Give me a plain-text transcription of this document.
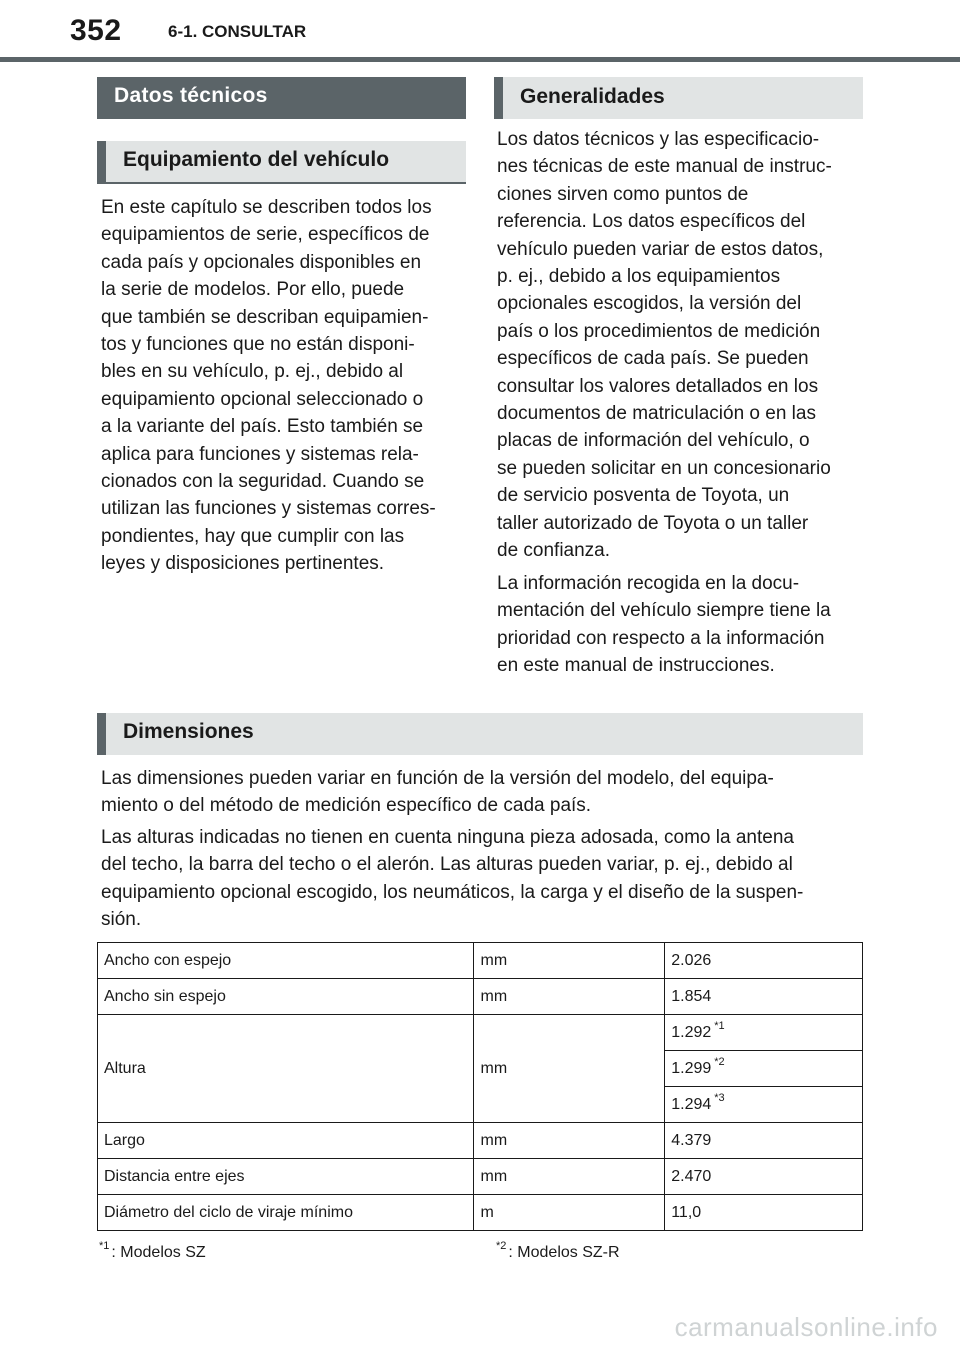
352	6-1. CONSULTAR
Datos técnicos
Equipamiento del vehículo

En este capítulo se describen todos los

equipamientos de serie, específicos de

cada país y opcionales disponibles en

la serie de modelos. Por ello, puede

que también se describan equipamien-

tos y funciones que no están disponi-

bles en su vehículo, p. ej., debido al

equipamiento opcional seleccionado o

a la variante del país. Esto también se

aplica para funciones y sistemas rela-

cionados con la seguridad. Cuando se

utilizan las funciones y sistemas corres-

pondientes, hay que cumplir con las

leyes y disposiciones pertinentes.

Generalidades

Los datos técnicos y las especificacio-

nes técnicas de este manual de instruc-

ciones sirven como puntos de

referencia. Los datos específicos del

vehículo pueden variar de estos datos,

p. ej., debido a los equipamientos

opcionales escogidos, la versión del

país o los procedimientos de medición

específicos de cada país. Se pueden

consultar los valores detallados en los

documentos de matriculación o en las

placas de información del vehículo, o

se pueden solicitar en un concesionario

de servicio posventa de Toyota, un

taller autorizado de Toyota o un taller

de confianza.

La información recogida en la docu-

mentación del vehículo siempre tiene la

prioridad con respecto a la información

en este manual de instrucciones.

Dimensiones

Las dimensiones pueden variar en función de la versión del modelo, del equipa-

miento o del método de medición específico de cada país.

Las alturas indicadas no tienen en cuenta ninguna pieza adosada, como la antena

del techo, la barra del techo o el alerón. Las alturas pueden variar, p. ej., debido al

equipamiento opcional escogido, los neumáticos, la carga y el diseño de la suspen-

sión.

Ancho con espejo	mm	2.026
Ancho sin espejo	mm	1.854
Altura	mm	1.292 $^{*1}$
		1.299 $^{*2}$
		1.294 $^{*3}$
Largo	mm	4.379
Distancia entre ejes	mm	2.470
Diámetro del ciclo de viraje mínimo	m	11,0
$^{*1}$ : Modelos SZ	$^{*2}$ : Modelos SZ-R
carmanualsonline.info
